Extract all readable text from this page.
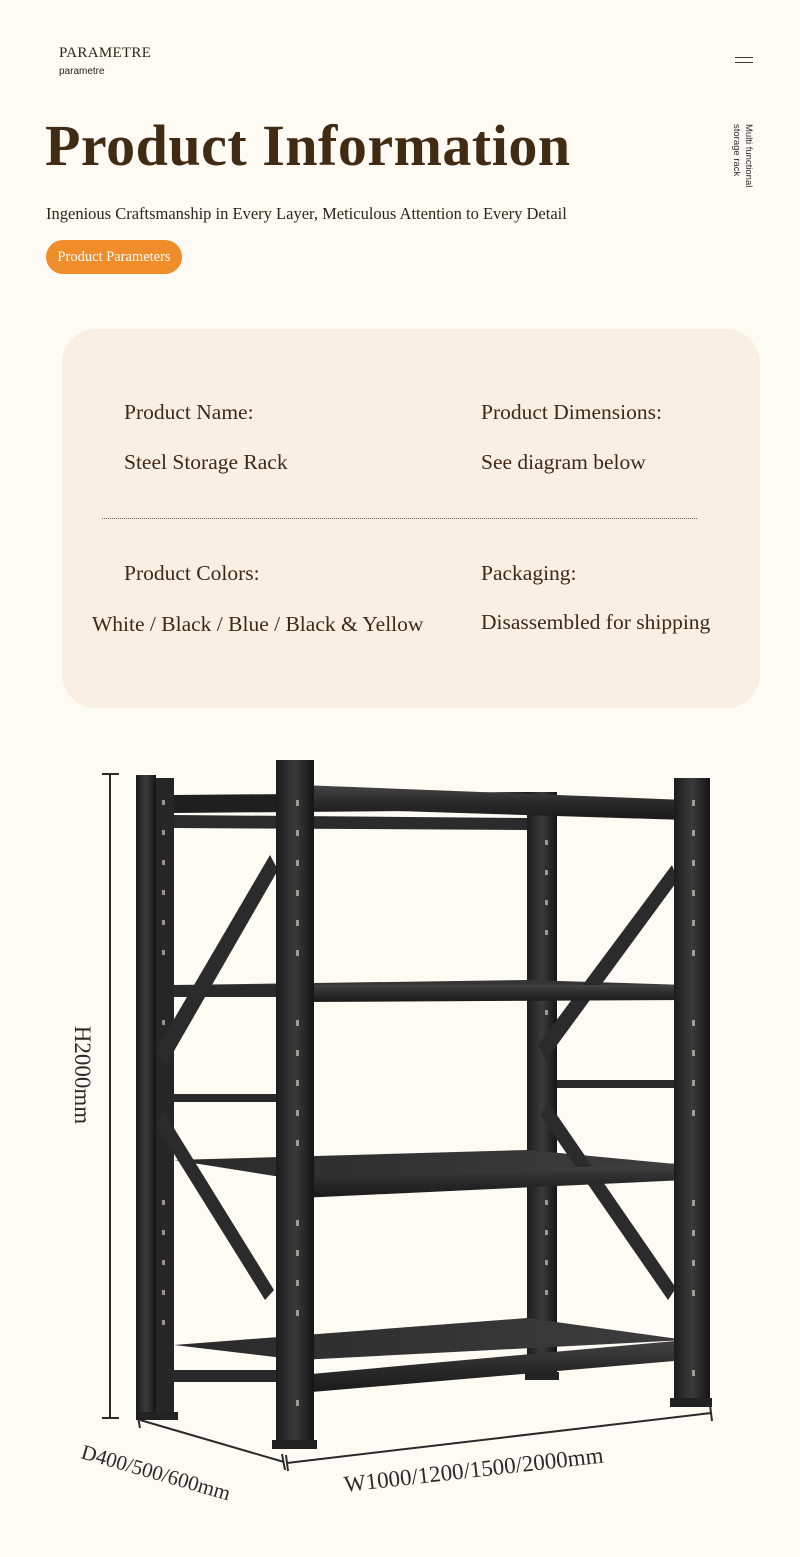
PARAMETRE
parametre
Multi functional storage rack
Product Information
Ingenious Craftsmanship in Every Layer, Meticulous Attention to Every Detail
Product Parameters
Product Name:
Steel Storage Rack
Product Dimensions:
See diagram below
Product Colors:
White / Black / Blue / Black & Yellow
Packaging:
Disassembled for shipping
H2000mm
D400/500/600mm	W1000/1200/1500/2000mm
